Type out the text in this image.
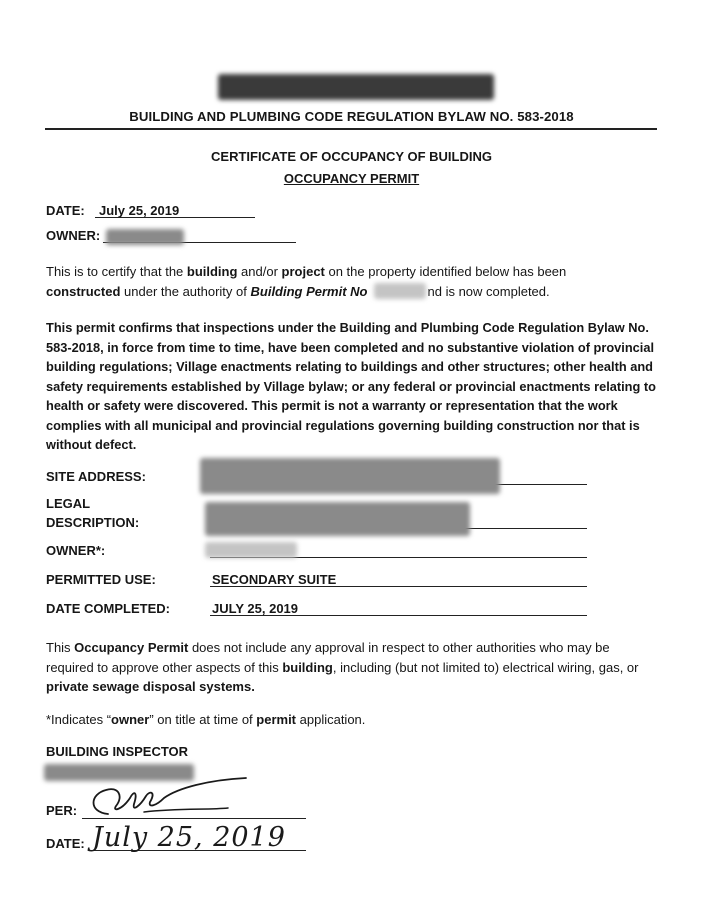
BUILDING AND PLUMBING CODE REGULATION BYLAW NO. 583-2018
CERTIFICATE OF OCCUPANCY OF BUILDING
OCCUPANCY PERMIT
DATE: July 25, 2019
OWNER:
This is to certify that the building and/or project on the property identified below has been
constructed under the authority of Building Permit No	nd is now completed.
This permit confirms that inspections under the Building and Plumbing Code Regulation Bylaw No. 583-2018, in force from time to time, have been completed and no substantive violation of provincial building regulations; Village enactments relating to buildings and other structures; other health and safety requirements established by Village bylaw; or any federal or provincial enactments relating to health or safety were discovered. This permit is not a warranty or representation that the work complies with all municipal and provincial regulations governing building construction nor that is without defect.
SITE ADDRESS:
LEGAL
DESCRIPTION:
OWNER*:
PERMITTED USE:	SECONDARY SUITE
DATE COMPLETED:	JULY 25, 2019
This Occupancy Permit does not include any approval in respect to other authorities who may be required to approve other aspects of this building, including (but not limited to) electrical wiring, gas, or private sewage disposal systems.
*Indicates “owner” on title at time of permit application.
BUILDING INSPECTOR
PER:
DATE: July 25, 2019
